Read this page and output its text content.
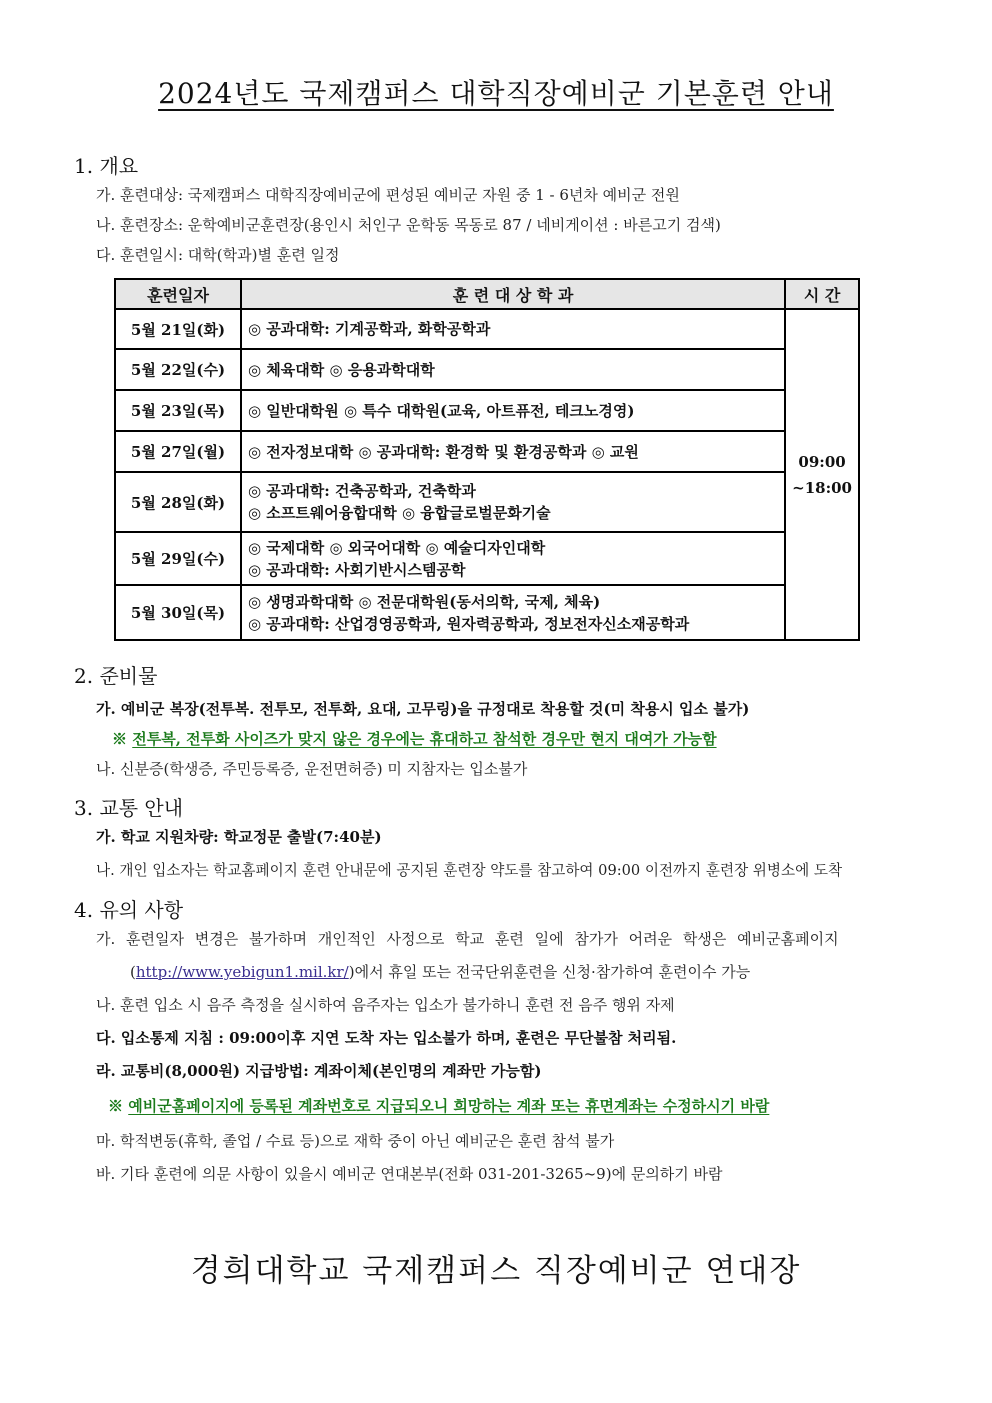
2024년도 국제캠퍼스 대학직장예비군 기본훈련 안내
1. 개요
가. 훈련대상: 국제캠퍼스 대학직장예비군에 편성된 예비군 자원 중 1 - 6년차 예비군 전원
나. 훈련장소: 운학예비군훈련장(용인시 처인구 운학동 목동로 87 / 네비게이션 : 바른고기 검색)
다. 훈련일시: 대학(학과)별 훈련 일정
훈련일자	훈 련 대 상 학 과	시 간
5월 21일(화)	◎ 공과대학: 기계공학과, 화학공학과	09:00
~18:00

5월 22일(수)	◎ 체육대학 ◎ 응용과학대학	

5월 23일(목)	◎ 일반대학원 ◎ 특수 대학원(교육, 아트퓨전, 테크노경영)	

5월 27일(월)	◎ 전자정보대학 ◎ 공과대학: 환경학 및 환경공학과 ◎ 교원	

5월 28일(화)	◎ 공과대학: 건축공학과, 건축학과
◎ 소프트웨어융합대학 ◎ 융합글로벌문화기술	

5월 29일(수)	◎ 국제대학 ◎ 외국어대학 ◎ 예술디자인대학
◎ 공과대학: 사회기반시스템공학	

5월 30일(목)	◎ 생명과학대학 ◎ 전문대학원(동서의학, 국제, 체육)
◎ 공과대학: 산업경영공학과, 원자력공학과, 정보전자신소재공학과	
2. 준비물
가. 예비군 복장(전투복. 전투모, 전투화, 요대, 고무링)을 규정대로 착용할 것(미 착용시 입소 불가)
※ 전투복, 전투화 사이즈가 맞지 않은 경우에는 휴대하고 참석한 경우만 현지 대여가 가능함
나. 신분증(학생증, 주민등록증, 운전면허증) 미 지참자는 입소불가
3. 교통 안내
가. 학교 지원차량: 학교정문 출발(7:40분)
나. 개인 입소자는 학교홈페이지 훈련 안내문에 공지된 훈련장 약도를 참고하여 09:00 이전까지 훈련장 위병소에 도착
4. 유의 사항
가. 훈련일자 변경은 불가하며 개인적인 사정으로 학교 훈련 일에 참가가 어려운 학생은 예비군홈페이지
(http://www.yebigun1.mil.kr/)에서 휴일 또는 전국단위훈련을 신청·참가하여 훈련이수 가능
나. 훈련 입소 시 음주 측정을 실시하여 음주자는 입소가 불가하니 훈련 전 음주 행위 자제
다. 입소통제 지침 : 09:00이후 지연 도착 자는 입소불가 하며, 훈련은 무단불참 처리됨.
라. 교통비(8,000원) 지급방법: 계좌이체(본인명의 계좌만 가능함)
※ 예비군홈페이지에 등록된 계좌번호로 지급되오니 희망하는 계좌 또는 휴면계좌는 수정하시기 바람
마. 학적변동(휴학, 졸업 / 수료 등)으로 재학 중이 아닌 예비군은 훈련 참석 불가
바. 기타 훈련에 의문 사항이 있을시 예비군 연대본부(전화 031-201-3265~9)에 문의하기 바람
경희대학교 국제캠퍼스 직장예비군 연대장
